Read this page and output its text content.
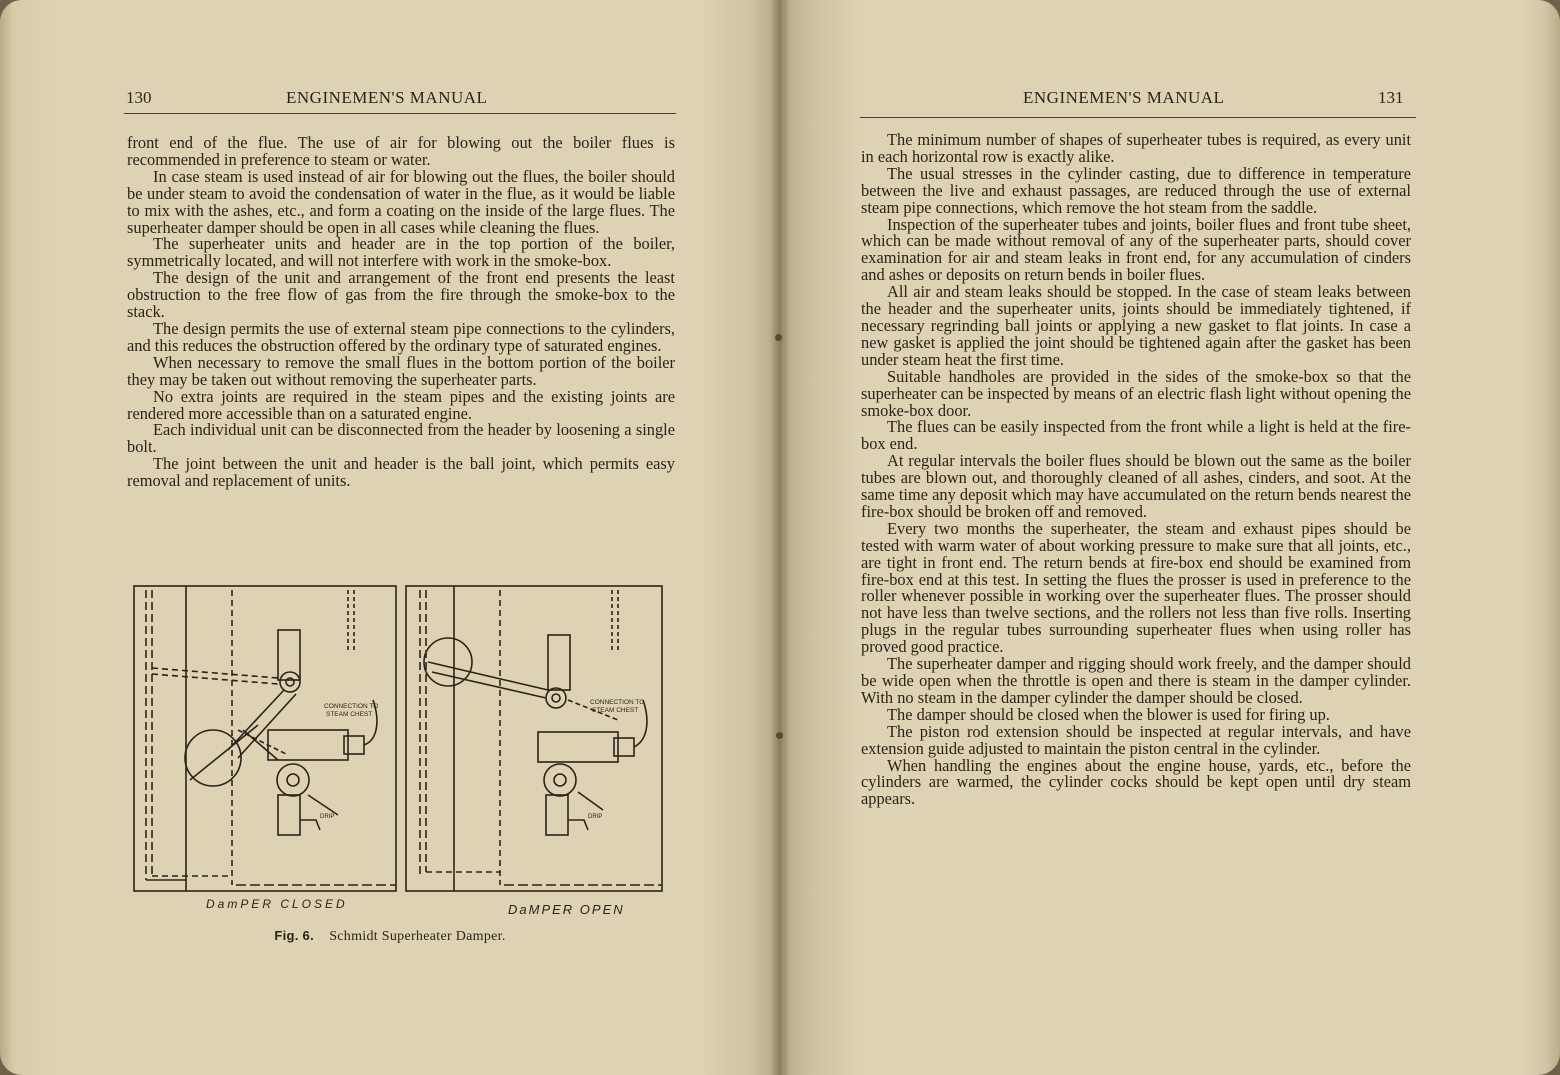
130	ENGINEMEN'S MANUAL

front end of the flue. The use of air for blowing out the boiler flues is recommended in preference to steam or water.

In case steam is used instead of air for blowing out the flues, the boiler should be under steam to avoid the condensation of water in the flue, as it would be liable to mix with the ashes, etc., and form a coating on the inside of the large flues. The superheater damper should be open in all cases while cleaning the flues.

The superheater units and header are in the top portion of the boiler, symmetrically located, and will not interfere with work in the smoke-box.

The design of the unit and arrangement of the front end presents the least obstruction to the free flow of gas from the fire through the smoke-box to the stack.

The design permits the use of external steam pipe connections to the cylinders, and this reduces the obstruction offered by the ordinary type of saturated engines.

When necessary to remove the small flues in the bottom portion of the boiler they may be taken out without removing the superheater parts.

No extra joints are required in the steam pipes and the existing joints are rendered more accessible than on a saturated engine.

Each individual unit can be disconnected from the header by loosening a single bolt.

The joint between the unit and header is the ball joint, which permits easy removal and replacement of units.

CONNECTION TO
STEAM CHEST
DRIP
CONNECTION TO
STEAM CHEST
DRIP
DamPER CLOSED	DaMPER OPEN
Fig. 6. Schmidt Superheater Damper.
ENGINEMEN'S MANUAL	131

The minimum number of shapes of superheater tubes is required, as every unit in each horizontal row is exactly alike.

The usual stresses in the cylinder casting, due to difference in temperature between the live and exhaust passages, are reduced through the use of external steam pipe connections, which remove the hot steam from the saddle.

Inspection of the superheater tubes and joints, boiler flues and front tube sheet, which can be made without removal of any of the superheater parts, should cover examination for air and steam leaks in front end, for any accumulation of cinders and ashes or deposits on return bends in boiler flues.

All air and steam leaks should be stopped. In the case of steam leaks between the header and the superheater units, joints should be immediately tightened, if necessary regrinding ball joints or applying a new gasket to flat joints. In case a new gasket is applied the joint should be tightened again after the gasket has been under steam heat the first time.

Suitable handholes are provided in the sides of the smoke-box so that the superheater can be inspected by means of an electric flash light without opening the smoke-box door.

The flues can be easily inspected from the front while a light is held at the fire-box end.

At regular intervals the boiler flues should be blown out the same as the boiler tubes are blown out, and thoroughly cleaned of all ashes, cinders, and soot. At the same time any deposit which may have accumulated on the return bends nearest the fire-box should be broken off and removed.

Every two months the superheater, the steam and exhaust pipes should be tested with warm water of about working pressure to make sure that all joints, etc., are tight in front end. The return bends at fire-box end should be examined from fire-box end at this test. In setting the flues the prosser is used in preference to the roller whenever possible in working over the superheater flues. The prosser should not have less than twelve sections, and the rollers not less than five rolls. Inserting plugs in the regular tubes surrounding superheater flues when using roller has proved good practice.

The superheater damper and rigging should work freely, and the damper should be wide open when the throttle is open and there is steam in the damper cylinder. With no steam in the damper cylinder the damper should be closed.

The damper should be closed when the blower is used for firing up.

The piston rod extension should be inspected at regular intervals, and have extension guide adjusted to maintain the piston central in the cylinder.

When handling the engines about the engine house, yards, etc., before the cylinders are warmed, the cylinder cocks should be kept open until dry steam appears.
